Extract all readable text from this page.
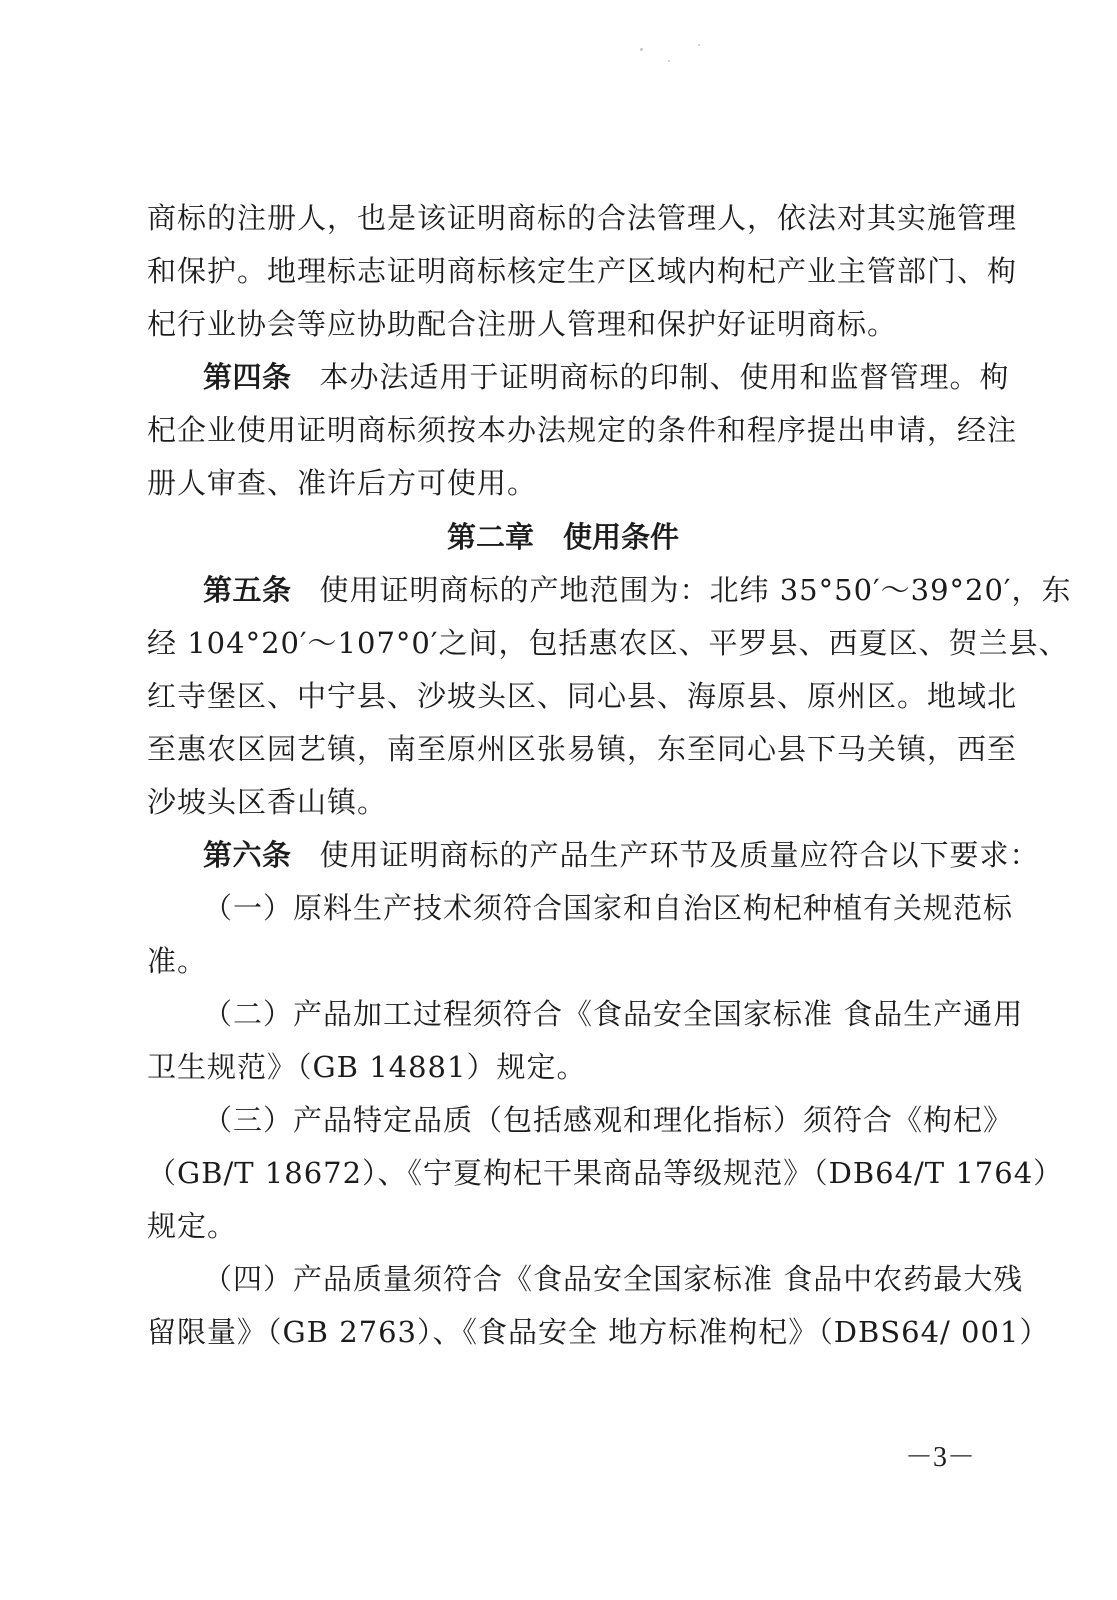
商标的注册人，也是该证明商标的合法管理人，依法对其实施管理
和保护。地理标志证明商标核定生产区域内枸杞产业主管部门、枸
杞行业协会等应协助配合注册人管理和保护好证明商标。
第四条 本办法适用于证明商标的印制、使用和监督管理。枸
杞企业使用证明商标须按本办法规定的条件和程序提出申请，经注
册人审查、准许后方可使用。
第二章　使用条件
第五条 使用证明商标的产地范围为：北纬 35°50′～39°20′，东
经 104°20′～107°0′之间，包括惠农区、平罗县、西夏区、贺兰县、
红寺堡区、中宁县、沙坡头区、同心县、海原县、原州区。地域北
至惠农区园艺镇，南至原州区张易镇，东至同心县下马关镇，西至
沙坡头区香山镇。
第六条 使用证明商标的产品生产环节及质量应符合以下要求：
（一）原料生产技术须符合国家和自治区枸杞种植有关规范标
准。
（二）产品加工过程须符合《食品安全国家标准 食品生产通用
卫生规范》（GB 14881）规定。
（三）产品特定品质（包括感观和理化指标）须符合《枸杞》
（GB/T 18672）、《宁夏枸杞干果商品等级规范》（DB64/T 1764）
规定。
（四）产品质量须符合《食品安全国家标准 食品中农药最大残
留限量》（GB 2763）、《食品安全 地方标准枸杞》（DBS64/ 001）
－3－
